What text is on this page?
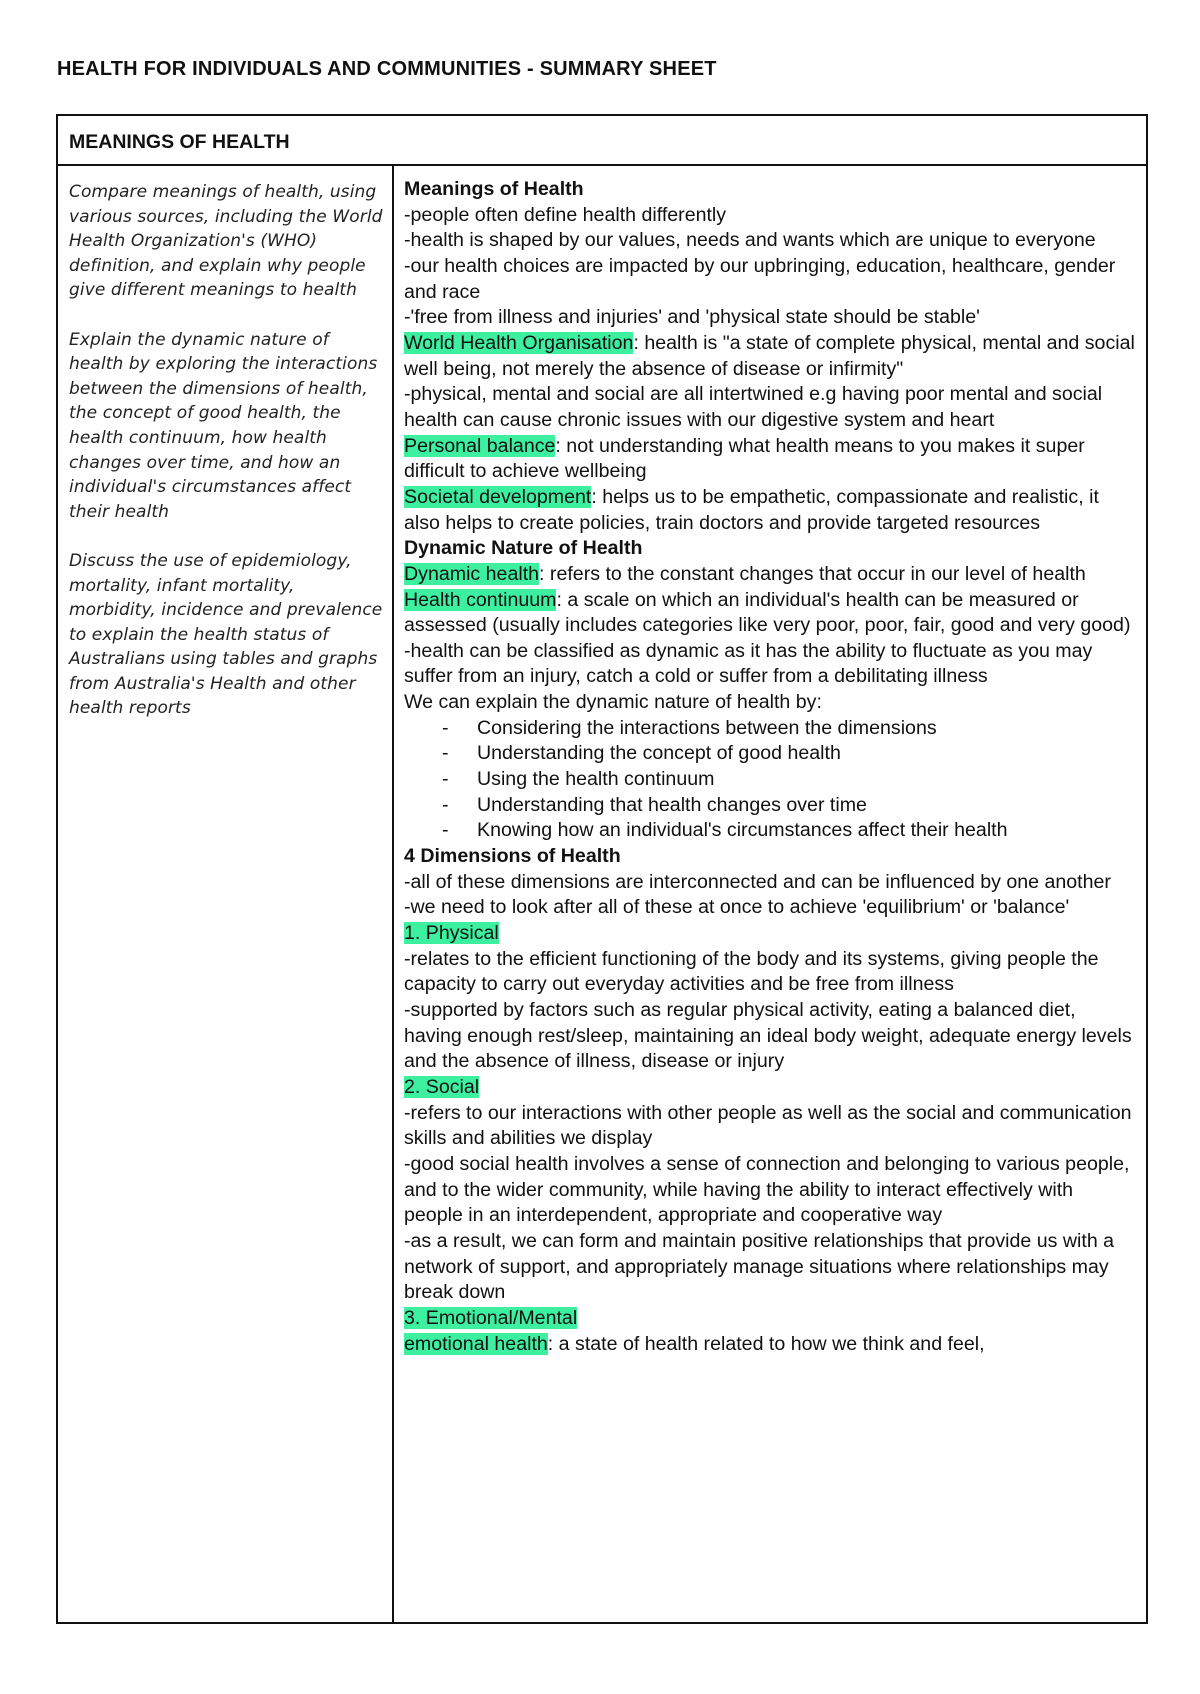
HEALTH FOR INDIVIDUALS AND COMMUNITIES - SUMMARY SHEET
MEANINGS OF HEALTH

Compare meanings of health, using various sources, including the World Health Organization's (WHO) definition, and explain why people give different meanings to health

Explain the dynamic nature of health by exploring the interactions between the dimensions of health, the concept of good health, the health continuum, how health changes over time, and how an individual's circumstances affect their health

Discuss the use of epidemiology, mortality, infant mortality, morbidity, incidence and prevalence to explain the health status of Australians using tables and graphs from Australia's Health and other health reports

Meanings of Health

-people often define health differently

-health is shaped by our values, needs and wants which are unique to everyone

-our health choices are impacted by our upbringing, education, healthcare, gender and race

-'free from illness and injuries' and 'physical state should be stable'

World Health Organisation: health is "a state of complete physical, mental and social well being, not merely the absence of disease or infirmity"

-physical, mental and social are all intertwined e.g having poor mental and social health can cause chronic issues with our digestive system and heart

Personal balance: not understanding what health means to you makes it super difficult to achieve wellbeing

Societal development: helps us to be empathetic, compassionate and realistic, it also helps to create policies, train doctors and provide targeted resources

Dynamic Nature of Health

Dynamic health: refers to the constant changes that occur in our level of health

Health continuum: a scale on which an individual's health can be measured or assessed (usually includes categories like very poor, poor, fair, good and very good)

-health can be classified as dynamic as it has the ability to fluctuate as you may suffer from an injury, catch a cold or suffer from a debilitating illness

We can explain the dynamic nature of health by:

- Considering the interactions between the dimensions
- Understanding the concept of good health
- Using the health continuum
- Understanding that health changes over time
- Knowing how an individual's circumstances affect their health

4 Dimensions of Health

-all of these dimensions are interconnected and can be influenced by one another

-we need to look after all of these at once to achieve 'equilibrium' or 'balance'

1. Physical

-relates to the efficient functioning of the body and its systems, giving people the capacity to carry out everyday activities and be free from illness

-supported by factors such as regular physical activity, eating a balanced diet, having enough rest/sleep, maintaining an ideal body weight, adequate energy levels and the absence of illness, disease or injury

2. Social

-refers to our interactions with other people as well as the social and communication skills and abilities we display

-good social health involves a sense of connection and belonging to various people, and to the wider community, while having the ability to interact effectively with people in an interdependent, appropriate and cooperative way

-as a result, we can form and maintain positive relationships that provide us with a network of support, and appropriately manage situations where relationships may break down

3. Emotional/Mental

emotional health: a state of health related to how we think and feel,
